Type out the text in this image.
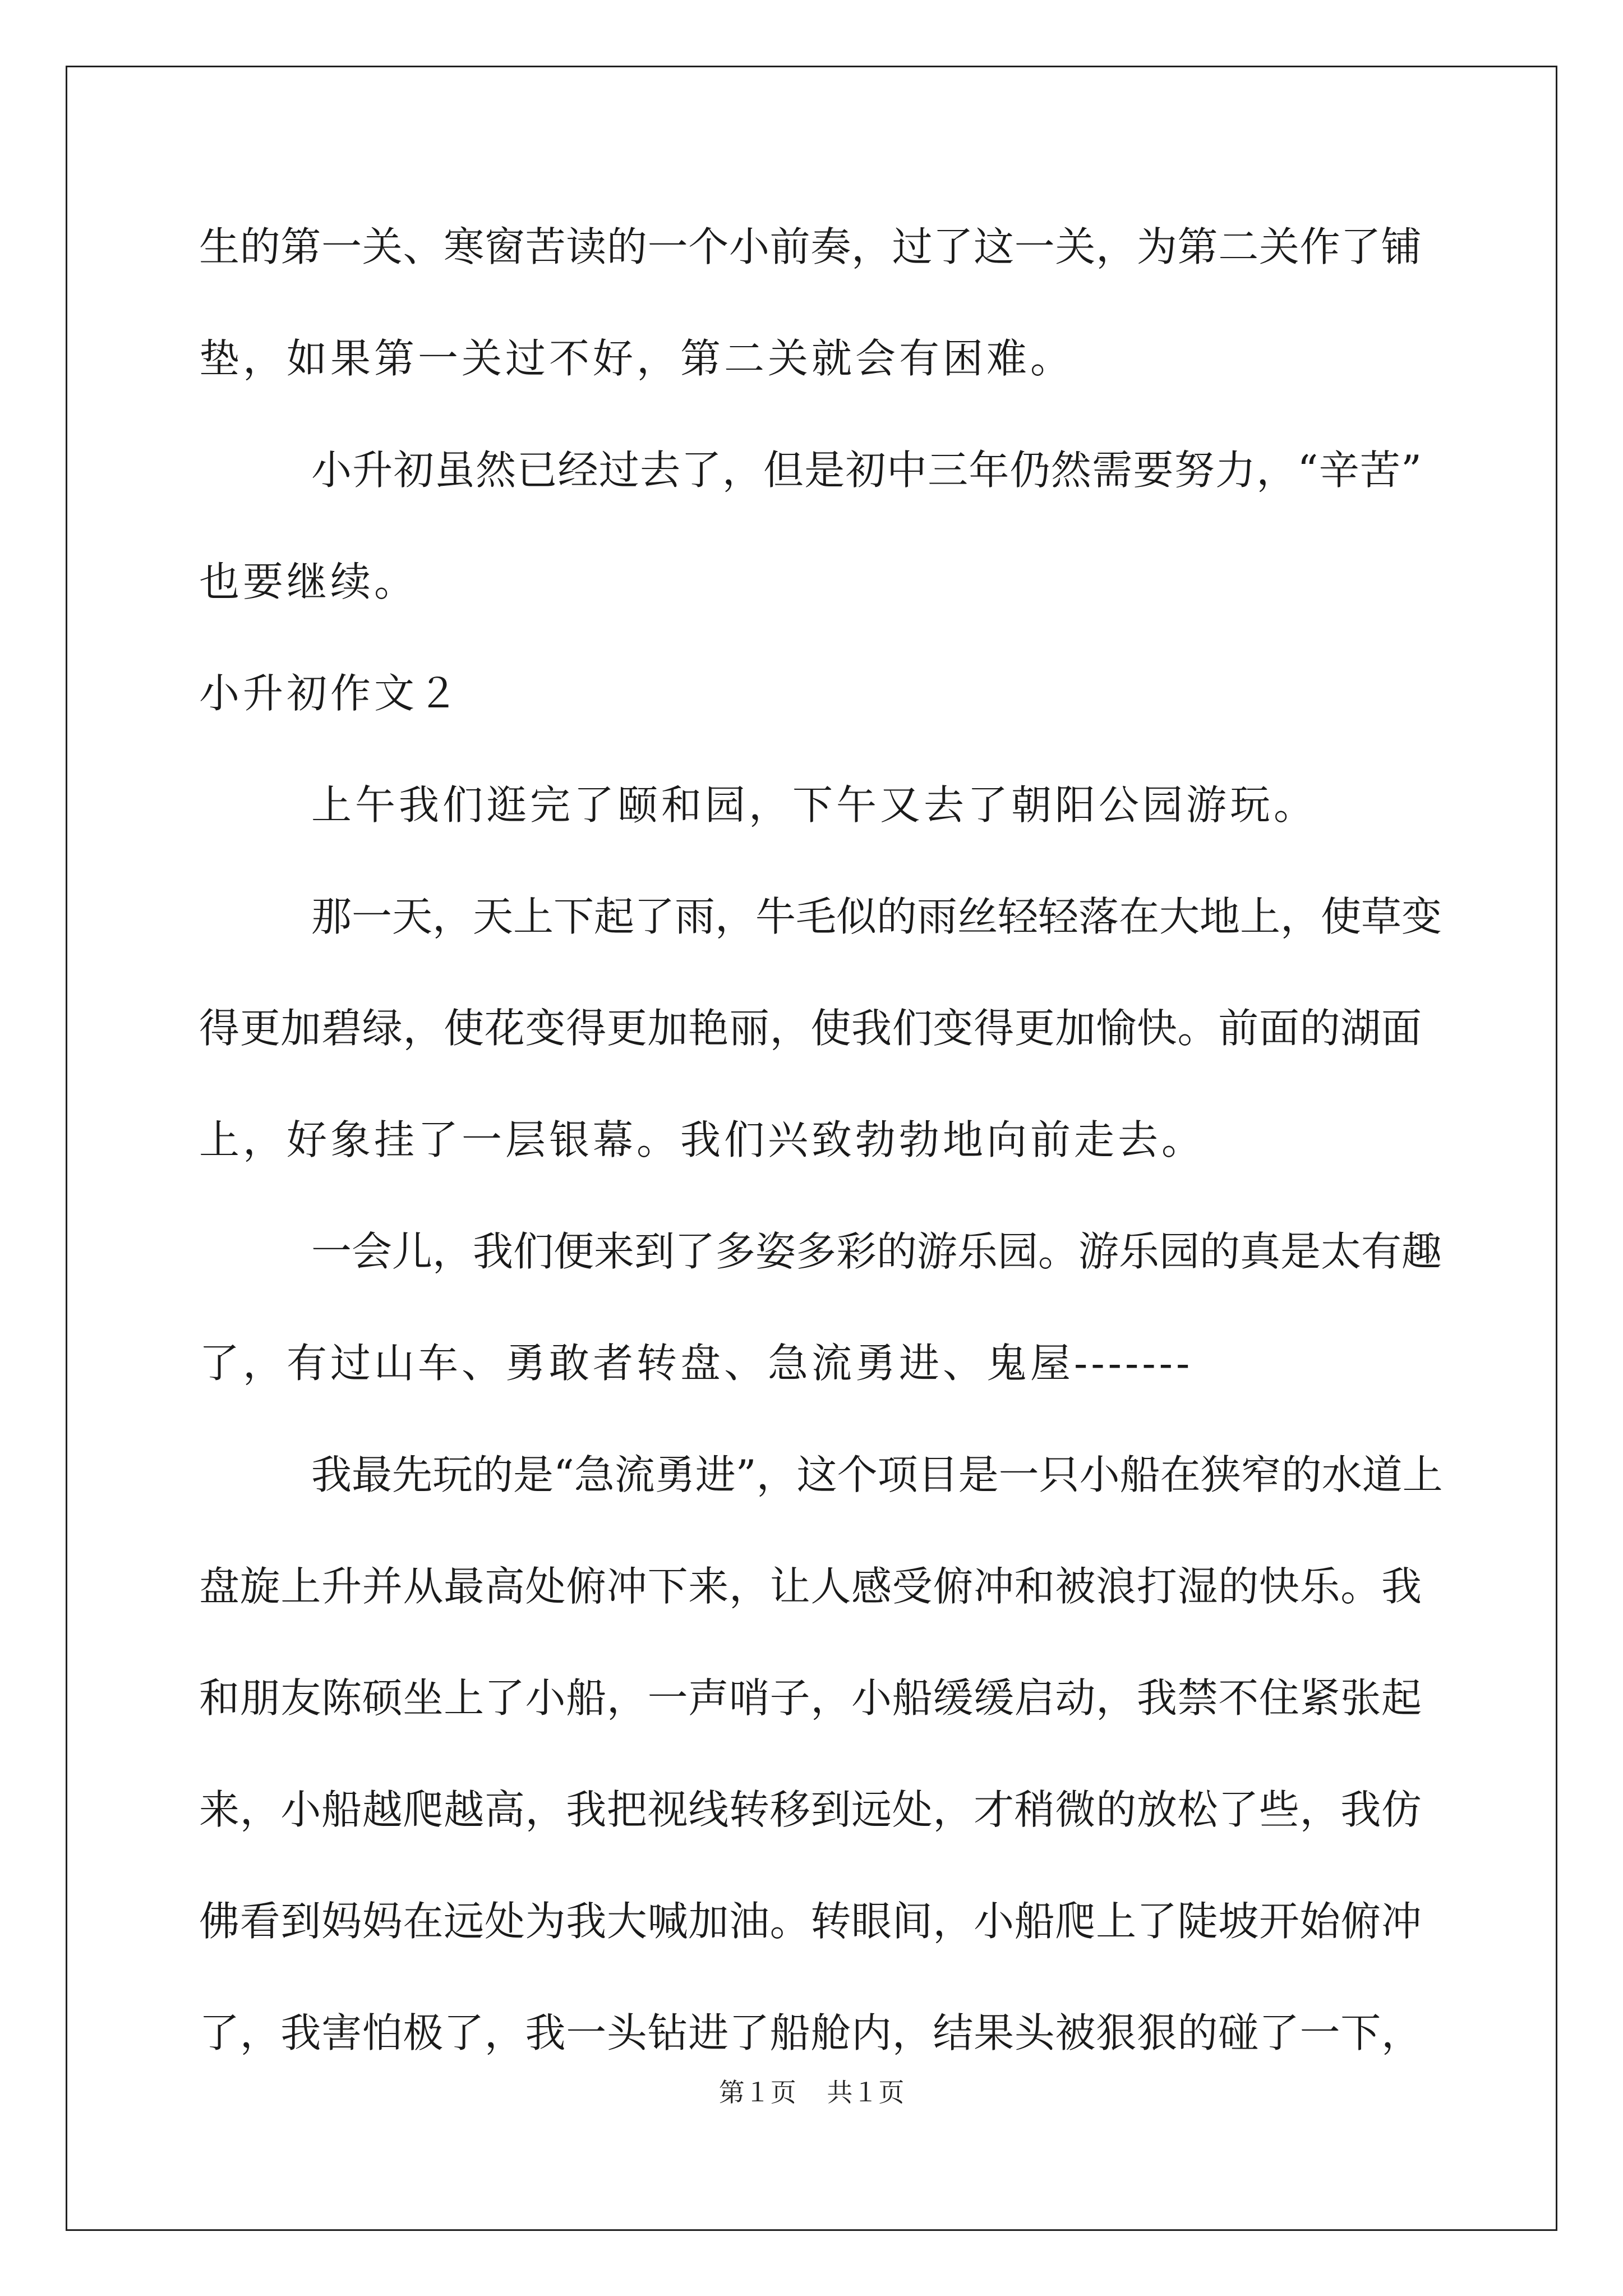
生的第一关、寒窗苦读的一个小前奏，过了这一关，为第二关作了铺

垫，如果第一关过不好，第二关就会有困难。

小升初虽然已经过去了，但是初中三年仍然需要努力，“辛苦”

也要继续。

小升初作文２

上午我们逛完了颐和园，下午又去了朝阳公园游玩。

那一天，天上下起了雨，牛毛似的雨丝轻轻落在大地上，使草变

得更加碧绿，使花变得更加艳丽，使我们变得更加愉快。前面的湖面

上，好象挂了一层银幕。我们兴致勃勃地向前走去。

一会儿，我们便来到了多姿多彩的游乐园。游乐园的真是太有趣

了，有过山车、勇敢者转盘、急流勇进、鬼屋-------

我最先玩的是“急流勇进”，这个项目是一只小船在狭窄的水道上

盘旋上升并从最高处俯冲下来，让人感受俯冲和被浪打湿的快乐。我

和朋友陈硕坐上了小船，一声哨子，小船缓缓启动，我禁不住紧张起

来，小船越爬越高，我把视线转移到远处，才稍微的放松了些，我仿

佛看到妈妈在远处为我大喊加油。转眼间，小船爬上了陡坡开始俯冲

了，我害怕极了，我一头钻进了船舱内，结果头被狠狠的碰了一下，

第１页 共１页
